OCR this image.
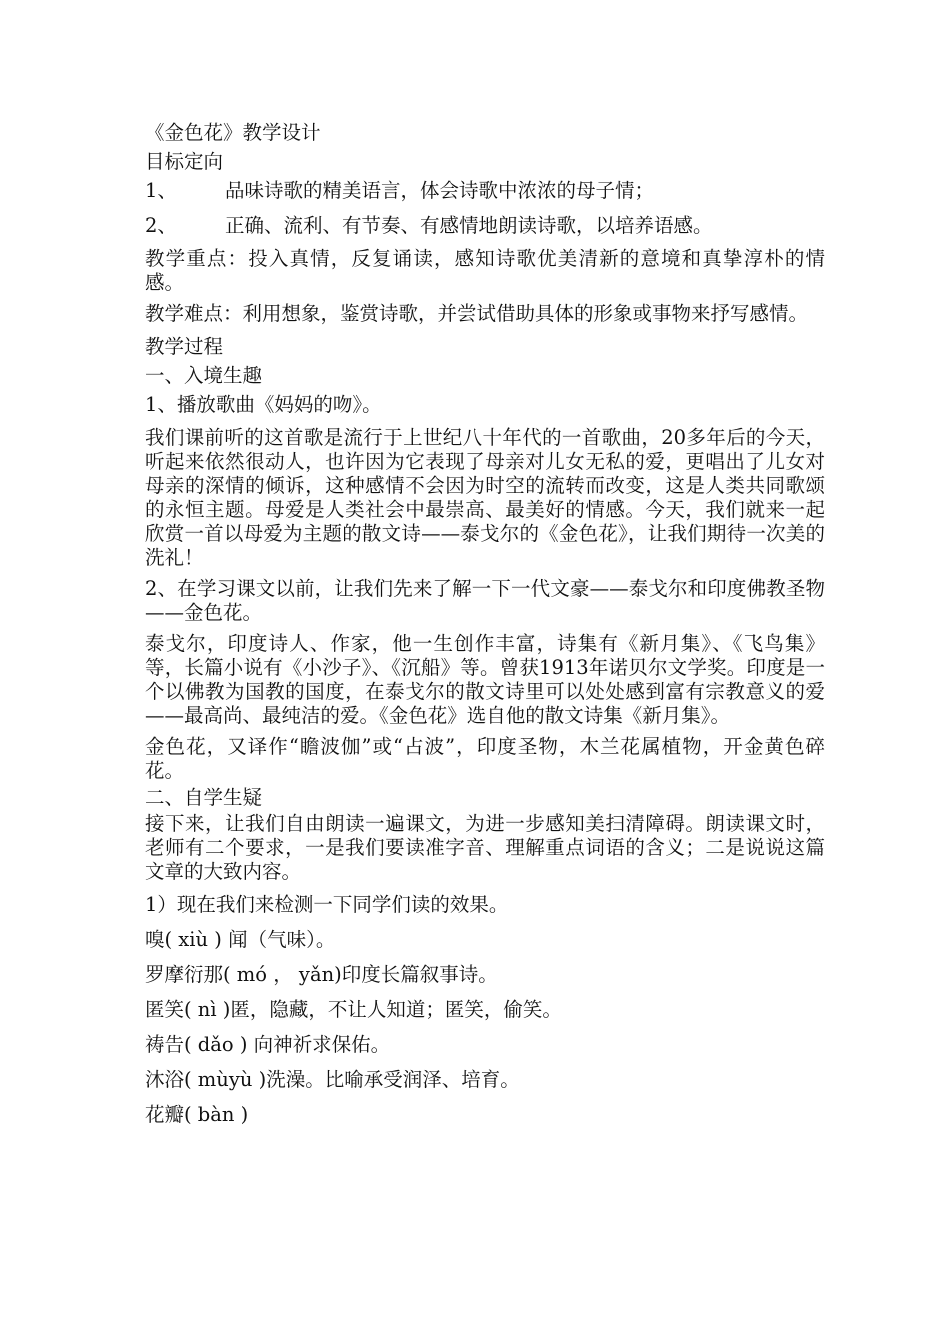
《金色花》教学设计
目标定向
1、	品味诗歌的精美语言，体会诗歌中浓浓的母子情；
2、	正确、流利、有节奏、有感情地朗读诗歌，以培养语感。
教学重点：投入真情，反复诵读，感知诗歌优美清新的意境和真挚淳朴的情感。
教学难点：利用想象，鉴赏诗歌，并尝试借助具体的形象或事物来抒写感情。
教学过程
一、入境生趣
1、播放歌曲《妈妈的吻》。
我们课前听的这首歌是流行于上世纪八十年代的一首歌曲，20多年后的今天，听起来依然很动人，也许因为它表现了母亲对儿女无私的爱，更唱出了儿女对母亲的深情的倾诉，这种感情不会因为时空的流转而改变，这是人类共同歌颂的永恒主题。母爱是人类社会中最崇高、最美好的情感。今天，我们就来一起欣赏一首以母爱为主题的散文诗——泰戈尔的《金色花》，让我们期待一次美的洗礼！
2、在学习课文以前，让我们先来了解一下一代文豪——泰戈尔和印度佛教圣物——金色花。
泰戈尔，印度诗人、作家，他一生创作丰富，诗集有《新月集》、《飞鸟集》等，长篇小说有《小沙子》、《沉船》等。曾获1913年诺贝尔文学奖。印度是一个以佛教为国教的国度，在泰戈尔的散文诗里可以处处感到富有宗教意义的爱——最高尚、最纯洁的爱。《金色花》选自他的散文诗集《新月集》。
金色花，又译作“瞻波伽”或“占波”，印度圣物，木兰花属植物，开金黄色碎花。
二、自学生疑
接下来，让我们自由朗读一遍课文，为进一步感知美扫清障碍。朗读课文时，老师有二个要求，一是我们要读准字音、理解重点词语的含义；二是说说这篇文章的大致内容。
1）现在我们来检测一下同学们读的效果。
嗅( xiù ) 闻（气味）。
罗摩衍那( mó ， yǎn)印度长篇叙事诗。
匿笑( nì )匿，隐藏，不让人知道；匿笑，偷笑。
祷告( dǎo ) 向神祈求保佑。
沐浴( mùyù )洗澡。比喻承受润泽、培育。
花瓣( bàn )
